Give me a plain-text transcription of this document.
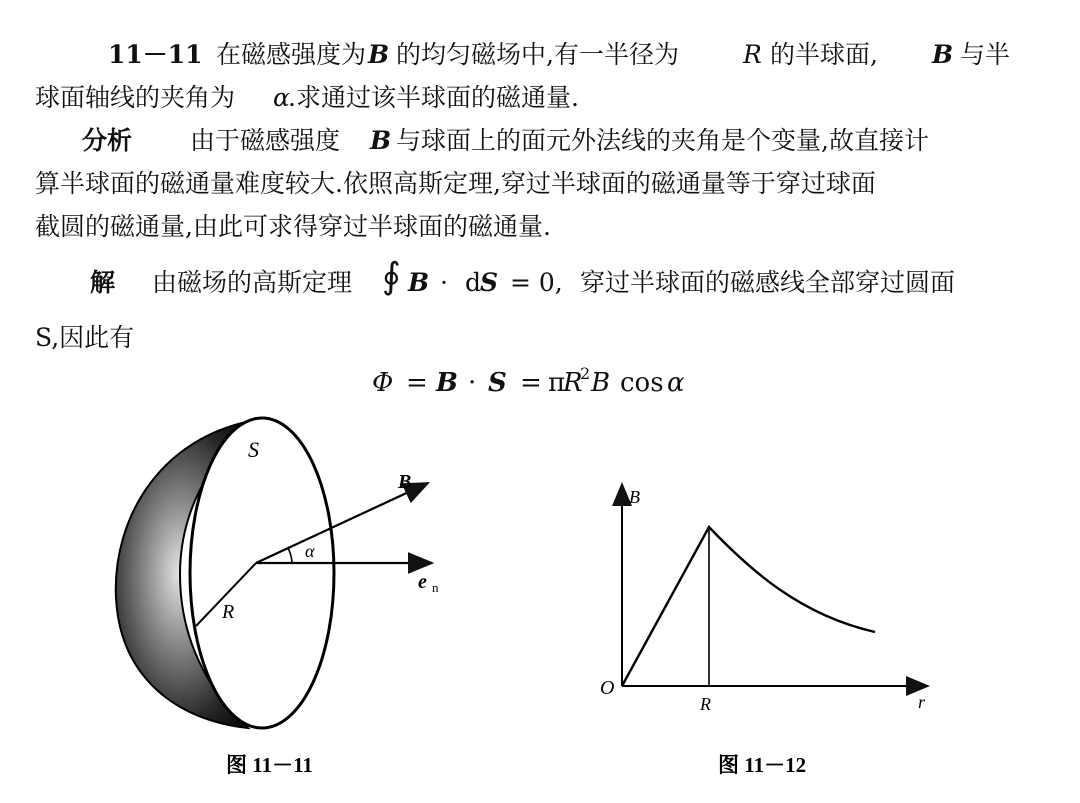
11－11 在磁感强度为 B 的均匀磁场中,有一半径为	R 的半球面, B 与半
球面轴线的夹角为 α
.求通过该半球面的磁通量.
分析 由于磁感强度 B 与球面上的面元外法线的夹角是个变量,故直接计
算半球面的磁通量难度较大.依照高斯定理,穿过半球面的磁通量等于穿过球面
截圆的磁通量,由此可求得穿过半球面的磁通量.
解 由磁场的高斯定理 ∮ B · d
S = 0, 穿过半球面的磁感线全部穿过圆面
S,因此有
Φ = B · S = π
R
2 B cos α
S
B
α
e n
R
图 11－11
B
O
R	r
图 11－12
